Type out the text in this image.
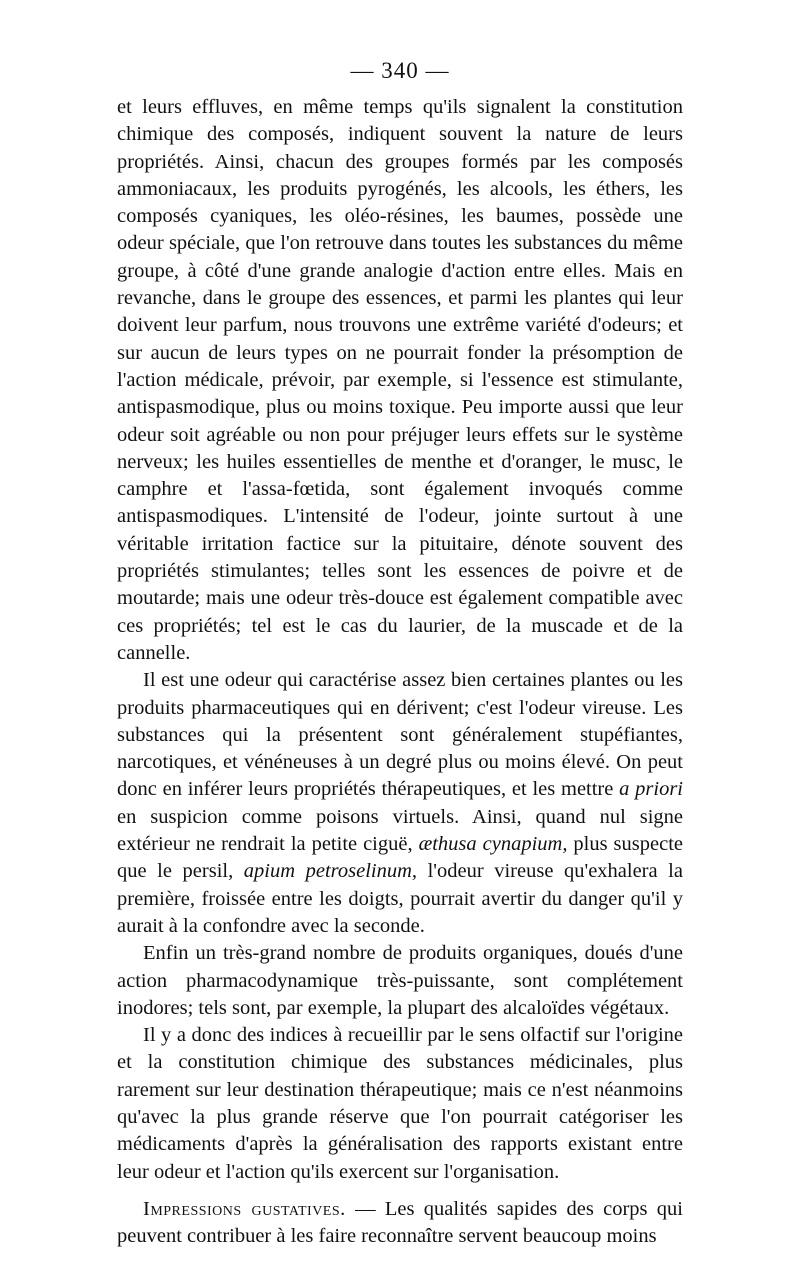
— 340 —

et leurs effluves, en même temps qu'ils signalent la constitution chimique des composés, indiquent souvent la nature de leurs propriétés. Ainsi, chacun des groupes formés par les composés ammoniacaux, les produits pyrogénés, les alcools, les éthers, les composés cyaniques, les oléo-résines, les baumes, possède une odeur spéciale, que l'on retrouve dans toutes les substances du même groupe, à côté d'une grande analogie d'action entre elles. Mais en revanche, dans le groupe des essences, et parmi les plantes qui leur doivent leur parfum, nous trouvons une extrême variété d'odeurs; et sur aucun de leurs types on ne pourrait fonder la présomption de l'action médicale, prévoir, par exemple, si l'essence est stimulante, antispasmodique, plus ou moins toxique. Peu importe aussi que leur odeur soit agréable ou non pour préjuger leurs effets sur le système nerveux; les huiles essentielles de menthe et d'oranger, le musc, le camphre et l'assa-fœtida, sont également invoqués comme antispasmodiques. L'intensité de l'odeur, jointe surtout à une véritable irritation factice sur la pituitaire, dénote souvent des propriétés stimulantes; telles sont les essences de poivre et de moutarde; mais une odeur très-douce est également compatible avec ces propriétés; tel est le cas du laurier, de la muscade et de la cannelle.

Il est une odeur qui caractérise assez bien certaines plantes ou les produits pharmaceutiques qui en dérivent; c'est l'odeur vireuse. Les substances qui la présentent sont généralement stupéfiantes, narcotiques, et vénéneuses à un degré plus ou moins élevé. On peut donc en inférer leurs propriétés thérapeutiques, et les mettre a priori en suspicion comme poisons virtuels. Ainsi, quand nul signe extérieur ne rendrait la petite ciguë, æthusa cynapium, plus suspecte que le persil, apium petroselinum, l'odeur vireuse qu'exhalera la première, froissée entre les doigts, pourrait avertir du danger qu'il y aurait à la confondre avec la seconde.

Enfin un très-grand nombre de produits organiques, doués d'une action pharmacodynamique très-puissante, sont complétement inodores; tels sont, par exemple, la plupart des alcaloïdes végétaux.

Il y a donc des indices à recueillir par le sens olfactif sur l'origine et la constitution chimique des substances médicinales, plus rarement sur leur destination thérapeutique; mais ce n'est néanmoins qu'avec la plus grande réserve que l'on pourrait catégoriser les médicaments d'après la généralisation des rapports existant entre leur odeur et l'action qu'ils exercent sur l'organisation.

Impressions gustatives. — Les qualités sapides des corps qui peuvent contribuer à les faire reconnaître servent beaucoup moins
